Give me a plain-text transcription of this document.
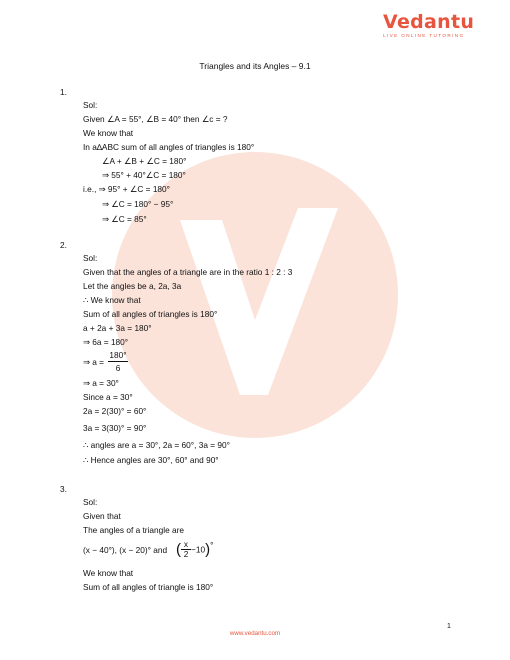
Vedantu
LIVE ONLINE TUTORING
Triangles and its Angles – 9.1
1.
Sol:
Given ∠A = 55°, ∠B = 40° then ∠c = ?
We know that
In a∆ABC sum of all angles of triangles is 180°
∠A + ∠B + ∠C = 180°
⇒ 55° + 40°∠C = 180°
i.e., ⇒ 95° + ∠C = 180°
⇒ ∠C = 180° − 95°
⇒ ∠C = 85°
2.
Sol:
Given that the angles of a triangle are in the ratio 1 : 2 : 3
Let the angles be a, 2a, 3a
∴ We know that
Sum of all angles of triangles is 180°
a + 2a + 3a = 180°
⇒ 6a = 180°
⇒ a =
180°
6
⇒ a = 30°
Since a = 30°
2a = 2(30)° = 60°
3a = 3(30)° = 90°
∴ angles are a = 30°, 2a = 60°, 3a = 90°
∴ Hence angles are 30°, 60° and 90°
3.
Sol:
Given that
The angles of a triangle are
(x − 40°), (x − 20)° and ( $\frac{x}{2} -10)^\circ$
We know that
Sum of all angles of triangle is 180°
1
www.vedantu.com
